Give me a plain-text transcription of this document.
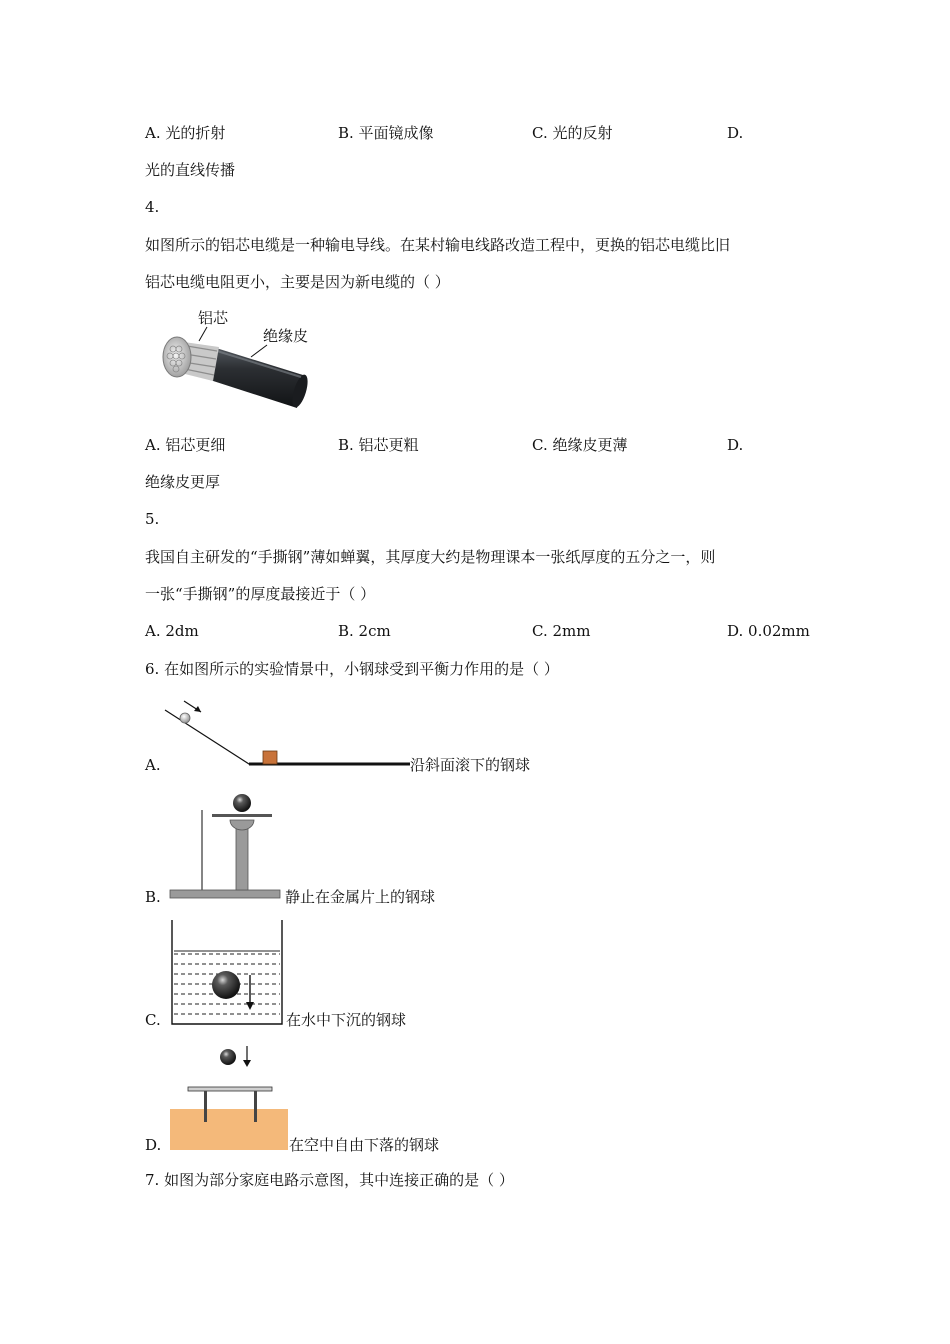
A. 光的折射	B. 平面镜成像	C. 光的反射	D.
光的直线传播
4.
如图所示的铝芯电缆是一种输电导线。在某村输电线路改造工程中，更换的铝芯电缆比旧
铝芯电缆电阻更小，主要是因为新电缆的（ ）
铝芯
绝缘皮
A. 铝芯更细	B. 铝芯更粗	C. 绝缘皮更薄	D.
绝缘皮更厚
5.
我国自主研发的“手撕钢”薄如蝉翼，其厚度大约是物理课本一张纸厚度的五分之一，则
一张“手撕钢”的厚度最接近于（ ）
A. 2dm	B. 2cm	C. 2mm	D. 0.02mm
6. 在如图所示的实验情景中，小钢球受到平衡力作用的是（ ）
A.	沿斜面滚下的钢球
B.	静止在金属片上的钢球
C.	在水中下沉的钢球
D.	在空中自由下落的钢球
7. 如图为部分家庭电路示意图，其中连接正确的是（ ）
